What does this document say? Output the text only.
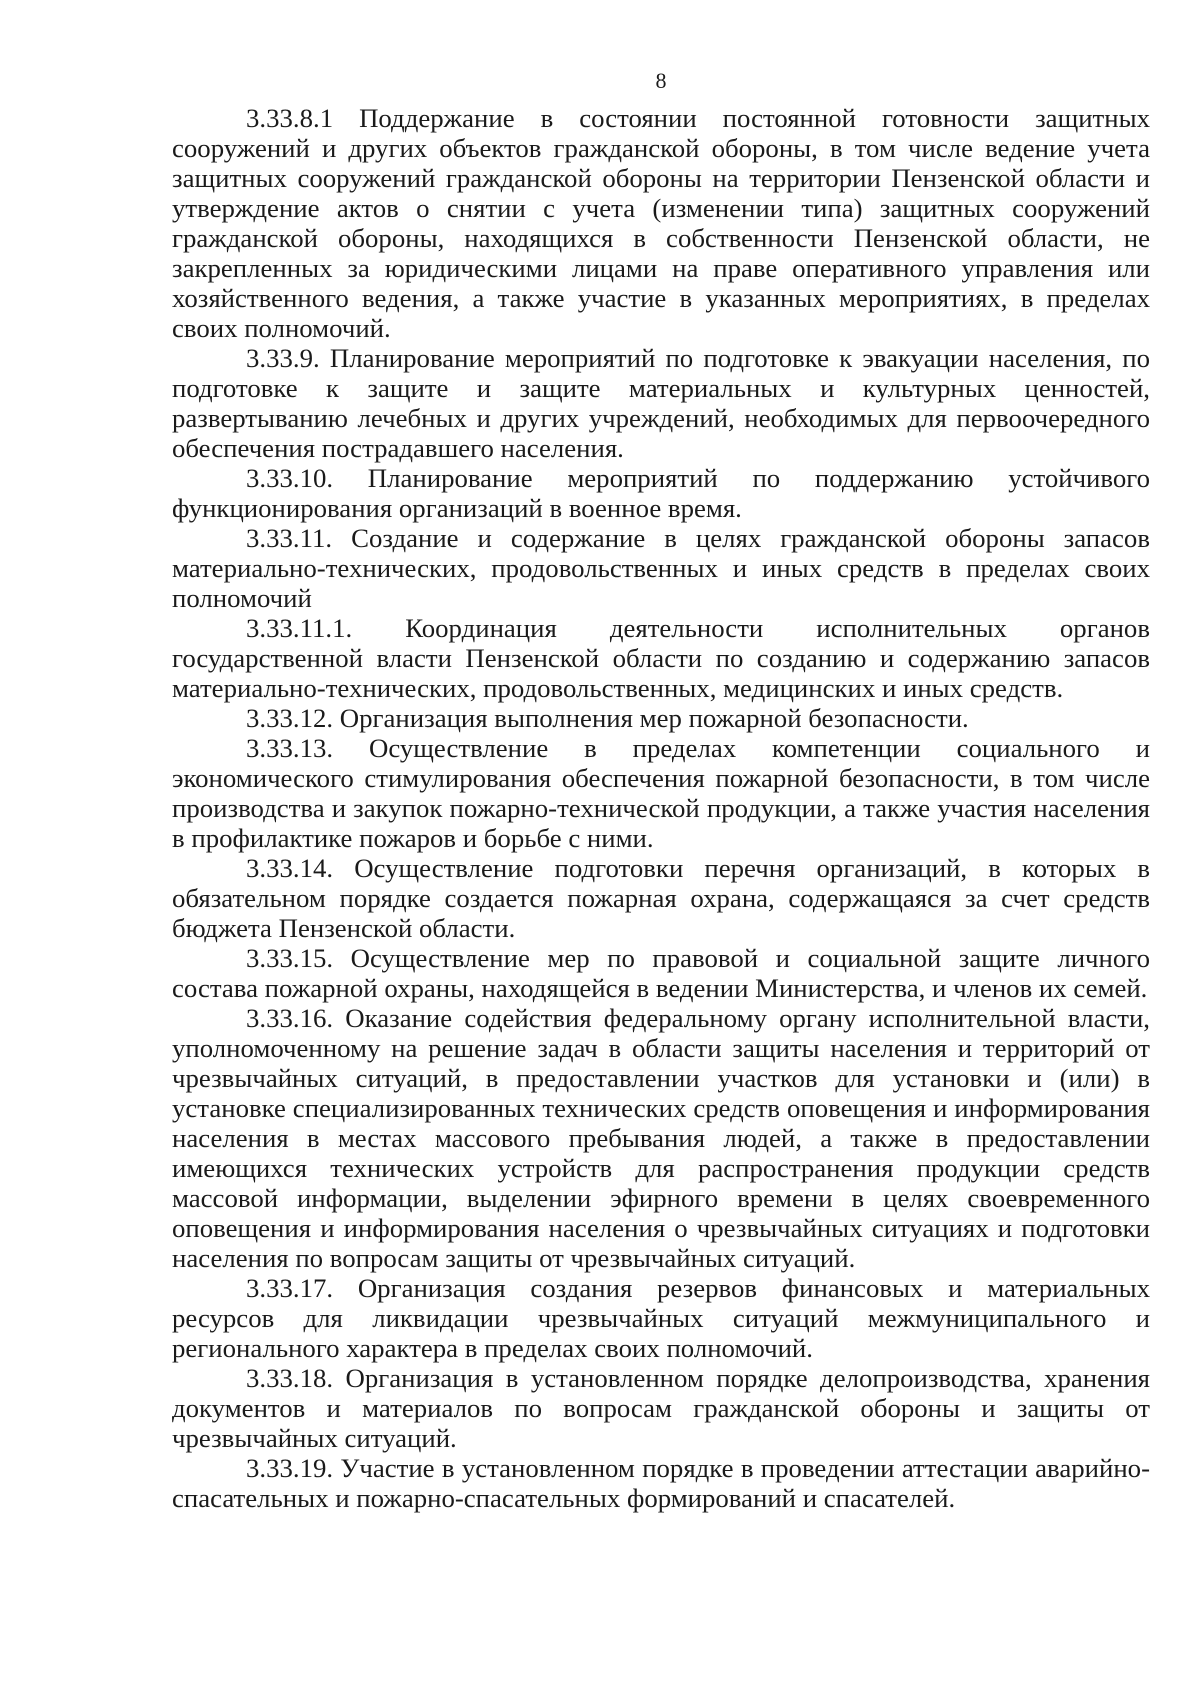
8

3.33.8.1 Поддержание в состоянии постоянной готовности защитных сооружений и других объектов гражданской обороны, в том числе ведение учета защитных сооружений гражданской обороны на территории Пензенской области и утверждение актов о снятии с учета (изменении типа) защитных сооружений гражданской обороны, находящихся в собственности Пензенской области, не закрепленных за юридическими лицами на праве оперативного управления или хозяйственного ведения, а также участие в указанных мероприятиях, в пределах своих полномочий.

3.33.9. Планирование мероприятий по подготовке к эвакуации населения, по подготовке к защите и защите материальных и культурных ценностей, развертыванию лечебных и других учреждений, необходимых для первоочередного обеспечения пострадавшего населения.

3.33.10. Планирование мероприятий по поддержанию устойчивого функционирования организаций в военное время.

3.33.11. Создание и содержание в целях гражданской обороны запасов материально-технических, продовольственных и иных средств в пределах своих полномочий

3.33.11.1. Координация деятельности исполнительных органов государственной власти Пензенской области по созданию и содержанию запасов материально-технических, продовольственных, медицинских и иных средств.

3.33.12. Организация выполнения мер пожарной безопасности.

3.33.13. Осуществление в пределах компетенции социального и экономического стимулирования обеспечения пожарной безопасности, в том числе производства и закупок пожарно-технической продукции, а также участия населения в профилактике пожаров и борьбе с ними.

3.33.14. Осуществление подготовки перечня организаций, в которых в обязательном порядке создается пожарная охрана, содержащаяся за счет средств бюджета Пензенской области.

3.33.15. Осуществление мер по правовой и социальной защите личного состава пожарной охраны, находящейся в ведении Министерства, и членов их семей.

3.33.16. Оказание содействия федеральному органу исполнительной власти, уполномоченному на решение задач в области защиты населения и территорий от чрезвычайных ситуаций, в предоставлении участков для установки и (или) в установке специализированных технических средств оповещения и информирования населения в местах массового пребывания людей, а также в предоставлении имеющихся технических устройств для распространения продукции средств массовой информации, выделении эфирного времени в целях своевременного оповещения и информирования населения о чрезвычайных ситуациях и подготовки населения по вопросам защиты от чрезвычайных ситуаций.

3.33.17. Организация создания резервов финансовых и материальных ресурсов для ликвидации чрезвычайных ситуаций межмуниципального и регионального характера в пределах своих полномочий.

3.33.18. Организация в установленном порядке делопроизводства, хранения документов и материалов по вопросам гражданской обороны и защиты от чрезвычайных ситуаций.

3.33.19. Участие в установленном порядке в проведении аттестации аварийно-спасательных и пожарно-спасательных формирований и спасателей.
